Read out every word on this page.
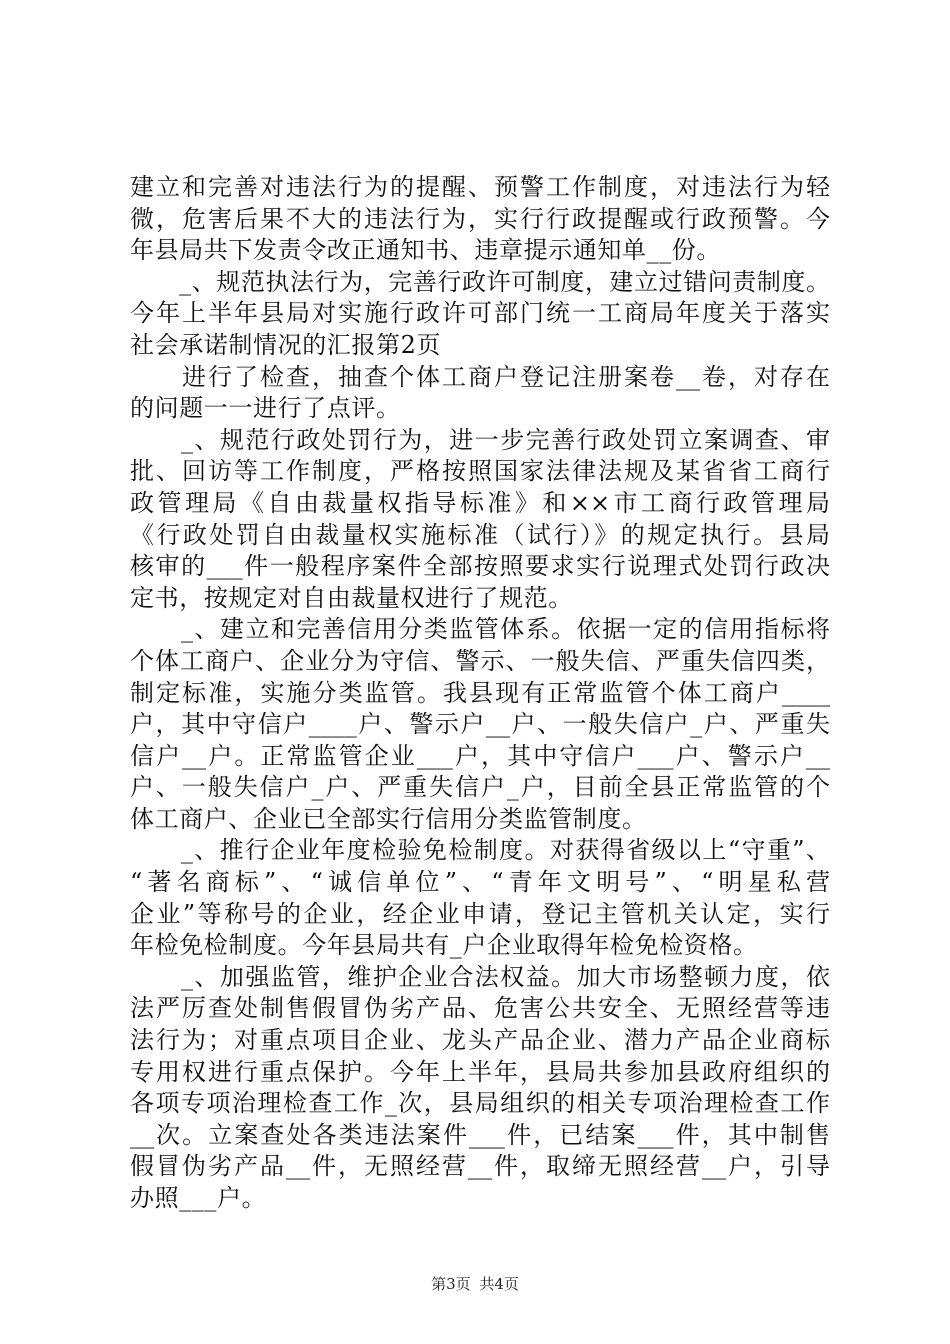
建立和完善对违法行为的提醒、预警工作制度，对违法行为轻
微，危害后果不大的违法行为，实行行政提醒或行政预警。今
年县局共下发责令改正通知书、违章提示通知单__份。
　　_、规范执法行为，完善行政许可制度，建立过错问责制度。
今年上半年县局对实施行政许可部门统一工商局年度关于落实
社会承诺制情况的汇报第2页
　　进行了检查，抽查个体工商户登记注册案卷__卷，对存在
的问题一一进行了点评。
　　_、规范行政处罚行为，进一步完善行政处罚立案调查、审
批、回访等工作制度，严格按照国家法律法规及某省省工商行
政管理局《自由裁量权指导标准》和××市工商行政管理局
《行政处罚自由裁量权实施标准（试行）》的规定执行。县局
核审的___件一般程序案件全部按照要求实行说理式处罚行政决
定书，按规定对自由裁量权进行了规范。
　　_、建立和完善信用分类监管体系。依据一定的信用指标将
个体工商户、企业分为守信、警示、一般失信、严重失信四类，
制定标准，实施分类监管。我县现有正常监管个体工商户____
户，其中守信户____户、警示户__户、一般失信户_户、严重失
信户__户。正常监管企业___户，其中守信户___户、警示户__
户、一般失信户_户、严重失信户_户，目前全县正常监管的个
体工商户、企业已全部实行信用分类监管制度。
　　_、推行企业年度检验免检制度。对获得省级以上“守重”、
“著名商标”、“诚信单位”、“青年文明号”、“明星私营
企业”等称号的企业，经企业申请，登记主管机关认定，实行
年检免检制度。今年县局共有_户企业取得年检免检资格。
　　_、加强监管，维护企业合法权益。加大市场整顿力度，依
法严厉查处制售假冒伪劣产品、危害公共安全、无照经营等违
法行为；对重点项目企业、龙头产品企业、潜力产品企业商标
专用权进行重点保护。今年上半年，县局共参加县政府组织的
各项专项治理检查工作_次，县局组织的相关专项治理检查工作
__次。立案查处各类违法案件___件，已结案___件，其中制售
假冒伪劣产品__件，无照经营__件，取缔无照经营__户，引导
办照___户。
第3页 共4页
